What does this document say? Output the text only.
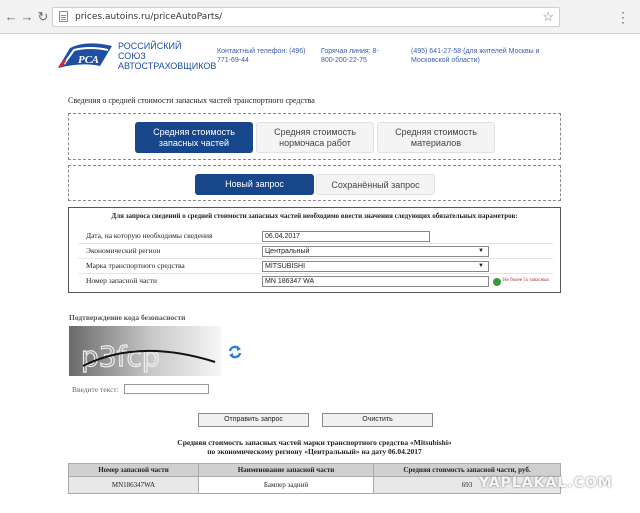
← → ↻	prices.autoins.ru/priceAutoParts/	☆	⋮
РСА
РОССИЙСКИЙ
СОЮЗ
АВТОСТРАХОВЩИКОВ
Контактный телефон: (496) 771-69-44
Горячая линия: 8-800-200-22-75
(495) 641-27-58 (для жителей Москвы и Московской области)
Сведения о средней стоимости запасных частей транспортного средства
Средняя стоимость запасных частей
Средняя стоимость нормочаса работ
Средняя стоимость материалов
Новый запрос	Сохранённый запрос
Для запроса сведений о средней стоимости запасных частей необходимо ввести значения следующих обязательных параметров:
Дата, на которую необходимы сведения	06.04.2017
Экономический регион	Центральный	▼
Марка транспортного средства	MITSUBISHI	▼
Номер запасной части	MN 186347 WA	Не более 5х запасных
Подтверждение кода безопасности
p3fcp
Введите текст:
Отправить запрос	Очистить
Средняя стоимость запасных частей марки транспортного средства «Mitsubishi»
по экономическому региону «Центральный» на дату 06.04.2017
Номер запасной части	Наименование запасной части	Средняя стоимость запасной части, руб.
MN186347WA	Бампер задний	693 YAPLAKAL.COM
